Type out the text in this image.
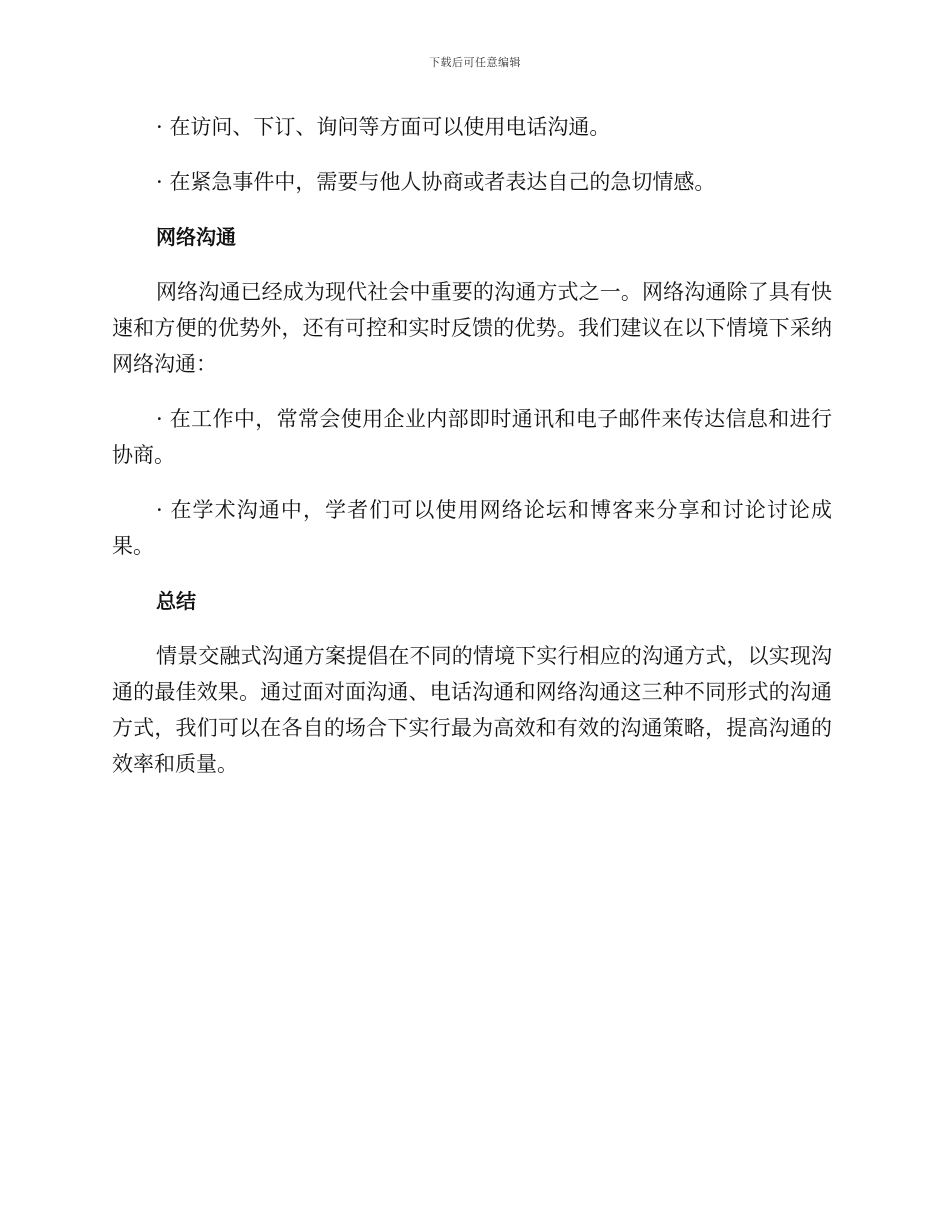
下载后可任意编辑

· 在访问、下订、询问等方面可以使用电话沟通。

· 在紧急事件中，需要与他人协商或者表达自己的急切情感。

网络沟通

网络沟通已经成为现代社会中重要的沟通方式之一。网络沟通除了具有快速和方便的优势外，还有可控和实时反馈的优势。我们建议在以下情境下采纳网络沟通：

· 在工作中，常常会使用企业内部即时通讯和电子邮件来传达信息和进行协商。

· 在学术沟通中，学者们可以使用网络论坛和博客来分享和讨论讨论成果。

总结

情景交融式沟通方案提倡在不同的情境下实行相应的沟通方式，以实现沟通的最佳效果。通过面对面沟通、电话沟通和网络沟通这三种不同形式的沟通方式，我们可以在各自的场合下实行最为高效和有效的沟通策略，提高沟通的效率和质量。
